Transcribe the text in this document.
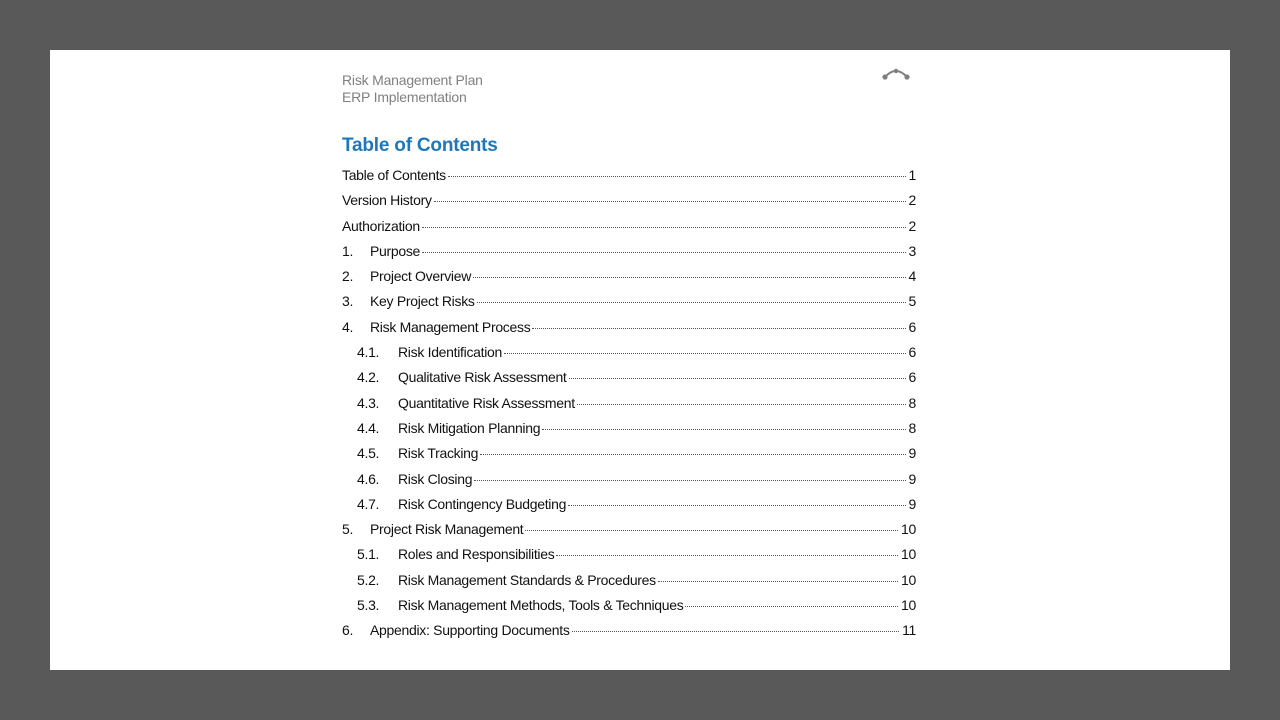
Risk Management Plan
ERP Implementation
Table of Contents
Table of Contents	1
Version History	2
Authorization	2
1.	Purpose	3
2.	Project Overview	4
3.	Key Project Risks	5
4.	Risk Management Process	6
4.1.	Risk Identification	6
4.2.	Qualitative Risk Assessment	6
4.3.	Quantitative Risk Assessment	8
4.4.	Risk Mitigation Planning	8
4.5.	Risk Tracking	9
4.6.	Risk Closing	9
4.7.	Risk Contingency Budgeting	9
5.	Project Risk Management	10
5.1.	Roles and Responsibilities	10
5.2.	Risk Management Standards & Procedures	10
5.3.	Risk Management Methods, Tools & Techniques	10
6.	Appendix: Supporting Documents	11
